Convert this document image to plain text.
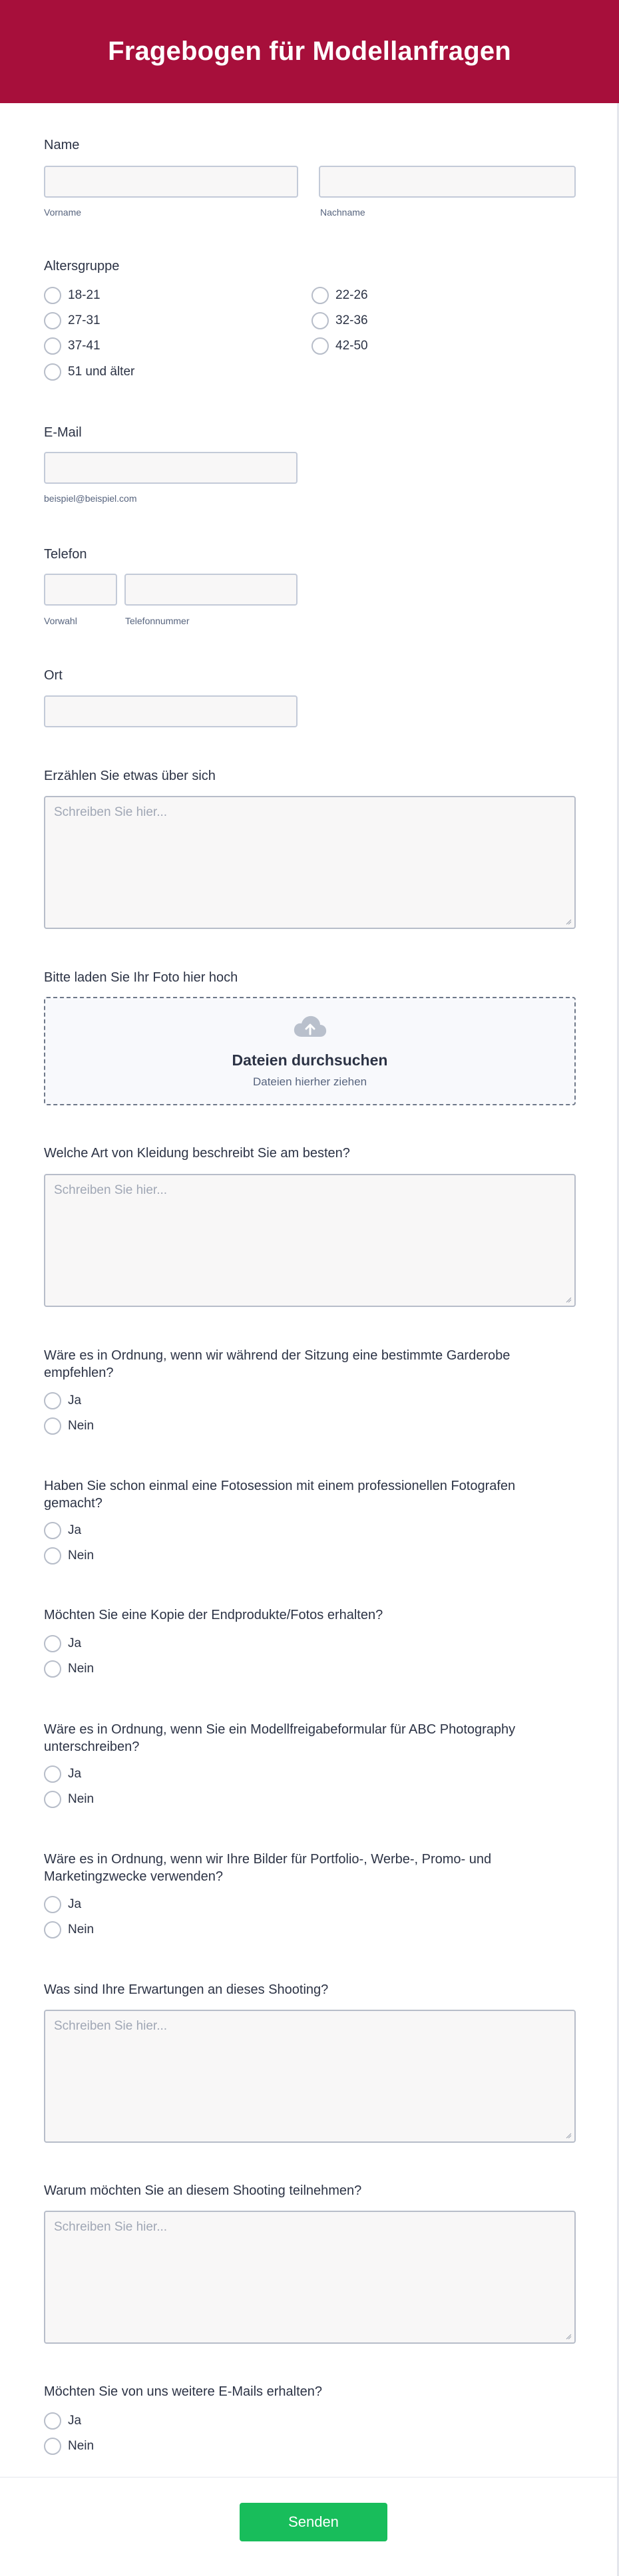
Fragebogen für Modellanfragen
Name
Vorname	Nachname
Altersgruppe
18-21	22-26
27-31	32-36
37-41	42-50
51 und älter
E-Mail
beispiel@beispiel.com
Telefon
Vorwahl	Telefonnummer
Ort
Erzählen Sie etwas über sich
Schreiben Sie hier...
Bitte laden Sie Ihr Foto hier hoch
Dateien durchsuchen
Dateien hierher ziehen
Welche Art von Kleidung beschreibt Sie am besten?
Schreiben Sie hier...
Wäre es in Ordnung, wenn wir während der Sitzung eine bestimmte Garderobe empfehlen?
Ja
Nein
Haben Sie schon einmal eine Fotosession mit einem professionellen Fotografen gemacht?
Ja
Nein
Möchten Sie eine Kopie der Endprodukte/Fotos erhalten?
Ja
Nein
Wäre es in Ordnung, wenn Sie ein Modellfreigabeformular für ABC Photography unterschreiben?
Ja
Nein
Wäre es in Ordnung, wenn wir Ihre Bilder für Portfolio-, Werbe-, Promo- und Marketingzwecke verwenden?
Ja
Nein
Was sind Ihre Erwartungen an dieses Shooting?
Schreiben Sie hier...
Warum möchten Sie an diesem Shooting teilnehmen?
Schreiben Sie hier...
Möchten Sie von uns weitere E-Mails erhalten?
Ja
Nein
Senden
